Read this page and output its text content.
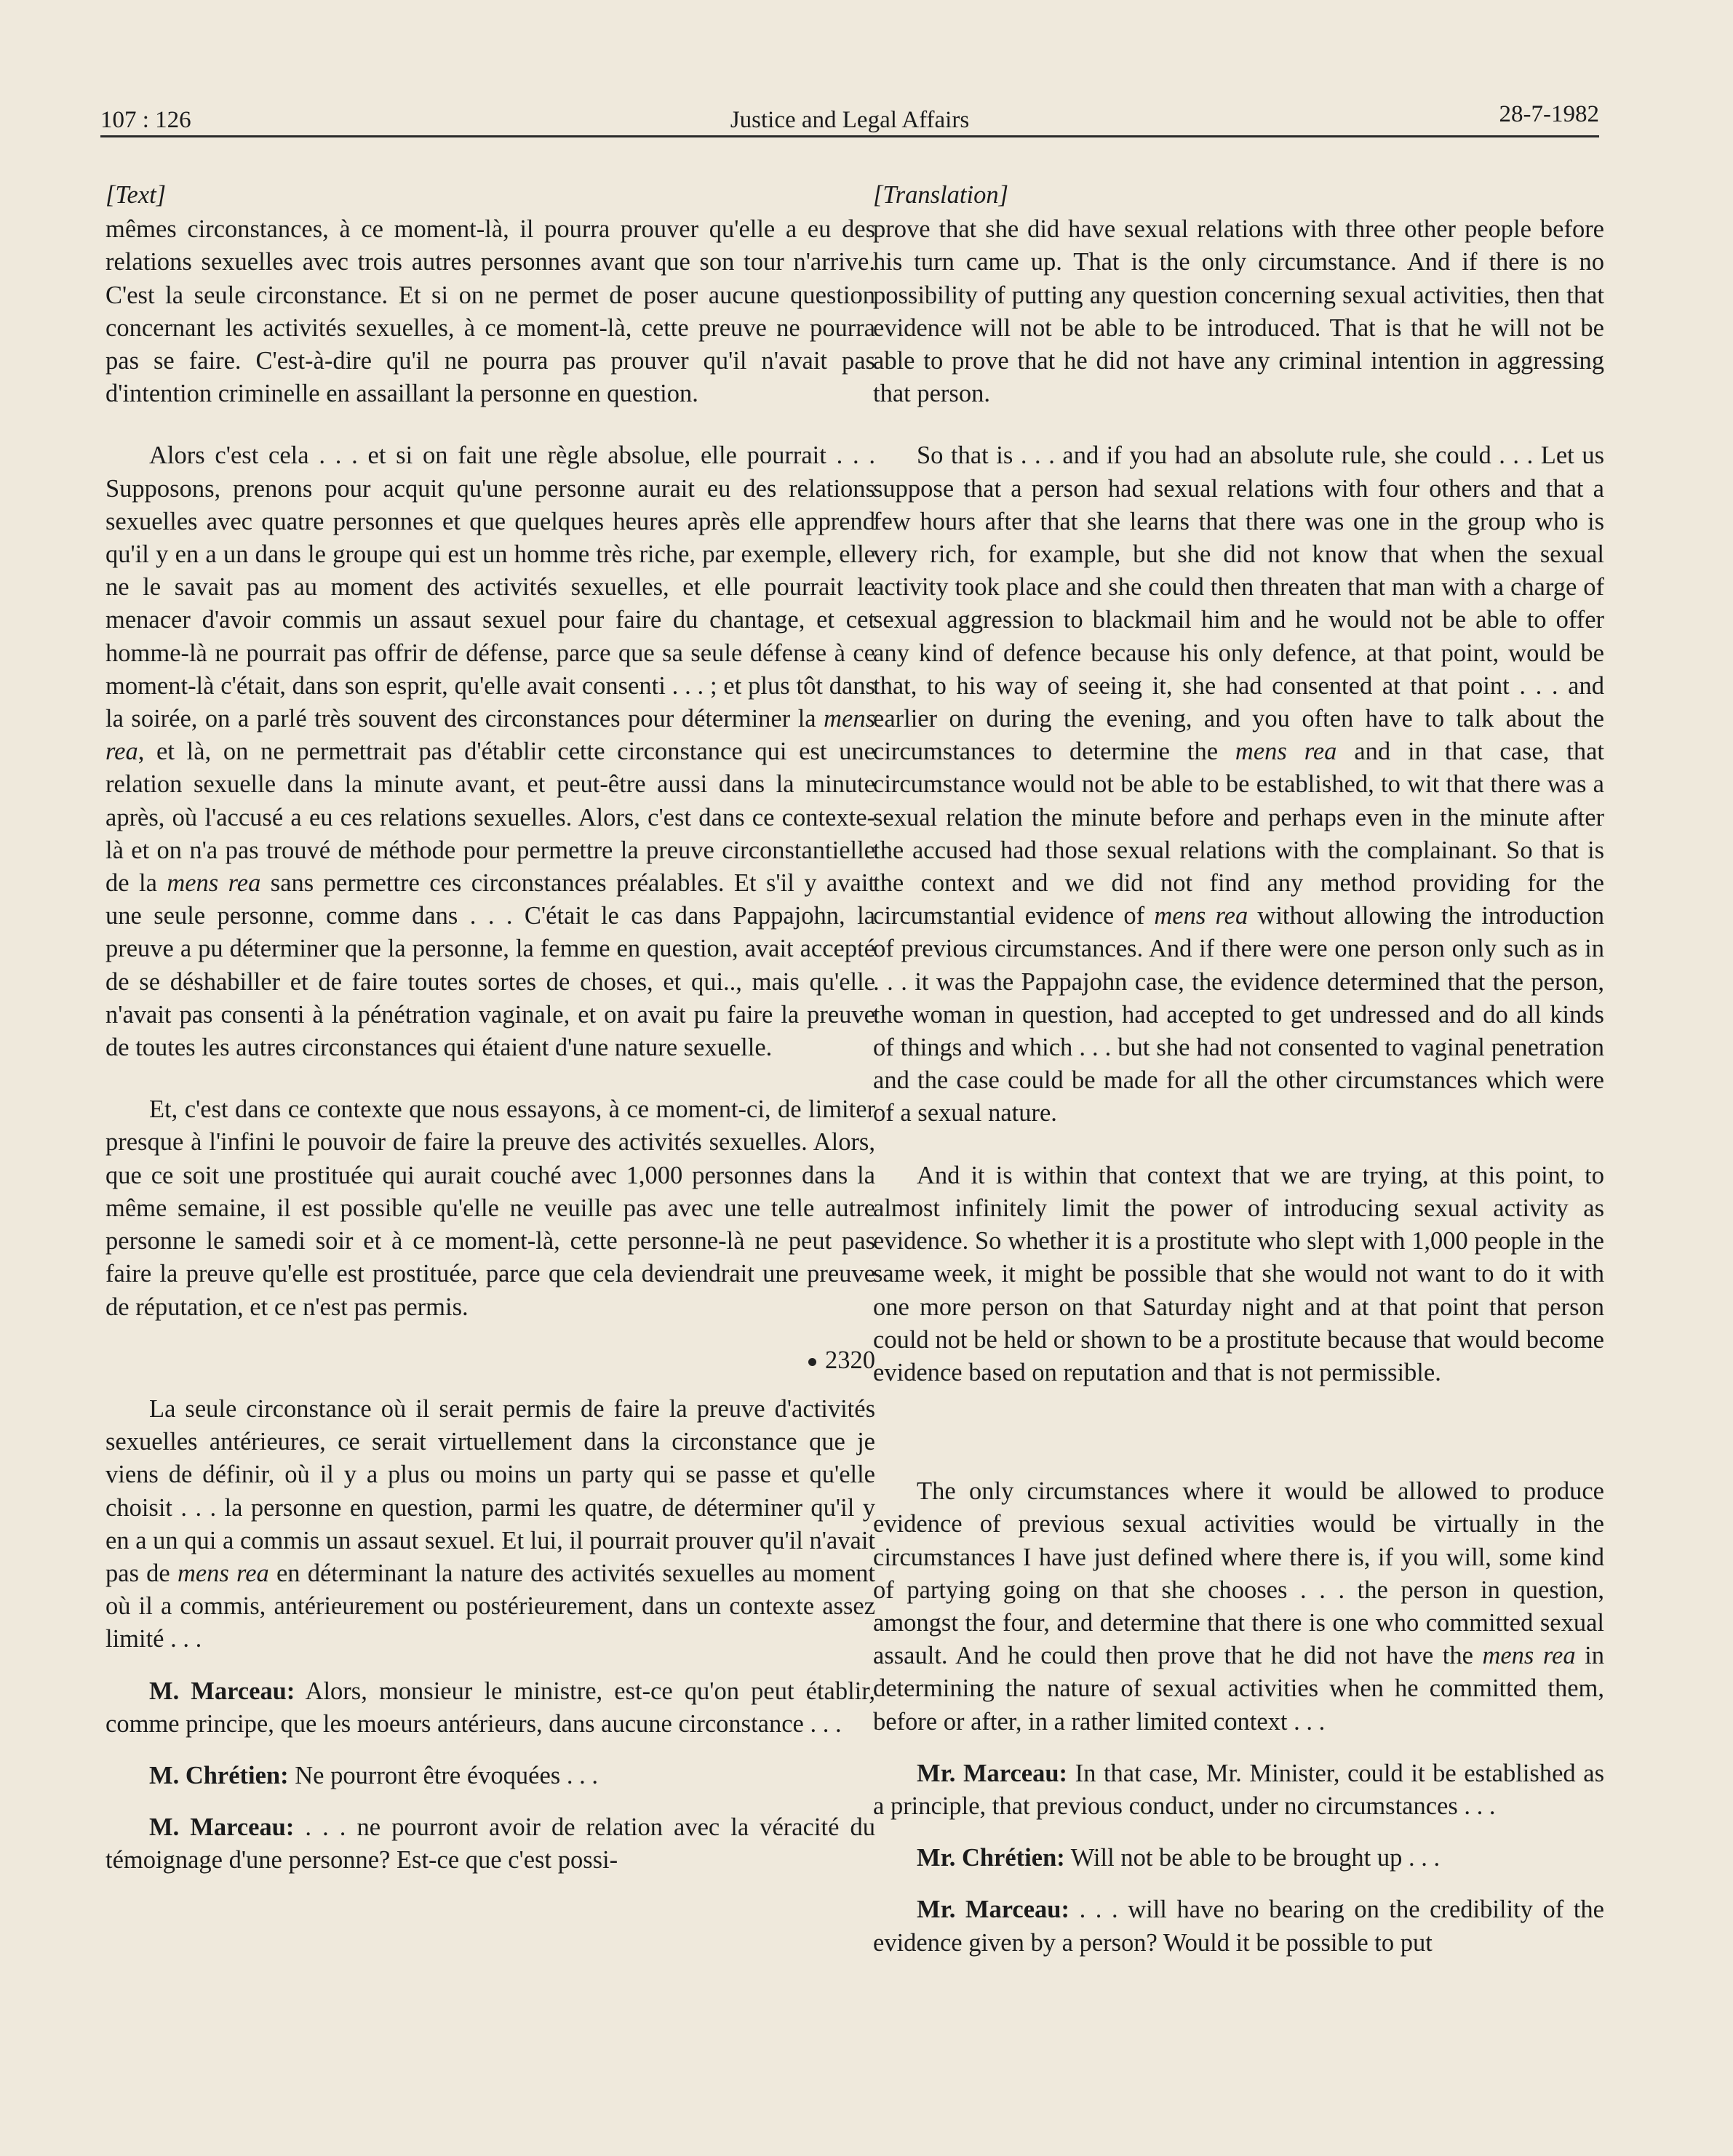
107 : 126	Justice and Legal Affairs	28-7-1982
[Text]

mêmes circonstances, à ce moment-là, il pourra prouver qu'elle a eu des relations sexuelles avec trois autres personnes avant que son tour n'arrive. C'est la seule circonstance. Et si on ne permet de poser aucune question concernant les activités sexuelles, à ce moment-là, cette preuve ne pourra pas se faire. C'est-à-dire qu'il ne pourra pas prouver qu'il n'avait pas d'intention criminelle en assaillant la personne en question.

Alors c'est cela . . . et si on fait une règle absolue, elle pourrait . . . Supposons, prenons pour acquit qu'une personne aurait eu des relations sexuelles avec quatre personnes et que quelques heures après elle apprend qu'il y en a un dans le groupe qui est un homme très riche, par exemple, elle ne le savait pas au moment des activités sexuelles, et elle pourrait le menacer d'avoir commis un assaut sexuel pour faire du chantage, et cet homme-là ne pourrait pas offrir de défense, parce que sa seule défense à ce moment-là c'était, dans son esprit, qu'elle avait consenti . . . ; et plus tôt dans la soirée, on a parlé très souvent des circonstances pour déterminer la mens rea, et là, on ne permettrait pas d'établir cette circonstance qui est une relation sexuelle dans la minute avant, et peut-être aussi dans la minute après, où l'accusé a eu ces relations sexuelles. Alors, c'est dans ce contexte-là et on n'a pas trouvé de méthode pour permettre la preuve circonstantielle de la mens rea sans permettre ces circonstances préalables. Et s'il y avait une seule personne, comme dans . . . C'était le cas dans Pappajohn, la preuve a pu déterminer que la personne, la femme en question, avait accepté de se déshabiller et de faire toutes sortes de choses, et qui.., mais qu'elle n'avait pas consenti à la pénétration vaginale, et on avait pu faire la preuve de toutes les autres circonstances qui étaient d'une nature sexuelle.

Et, c'est dans ce contexte que nous essayons, à ce moment-ci, de limiter presque à l'infini le pouvoir de faire la preuve des activités sexuelles. Alors, que ce soit une prostituée qui aurait couché avec 1,000 personnes dans la même semaine, il est possible qu'elle ne veuille pas avec une telle autre personne le samedi soir et à ce moment-là, cette personne-là ne peut pas faire la preuve qu'elle est prostituée, parce que cela deviendrait une preuve de réputation, et ce n'est pas permis.

2320

La seule circonstance où il serait permis de faire la preuve d'activités sexuelles antérieures, ce serait virtuellement dans la circonstance que je viens de définir, où il y a plus ou moins un party qui se passe et qu'elle choisit . . . la personne en question, parmi les quatre, de déterminer qu'il y en a un qui a commis un assaut sexuel. Et lui, il pourrait prouver qu'il n'avait pas de mens rea en déterminant la nature des activités sexuelles au moment où il a commis, antérieurement ou postérieurement, dans un contexte assez limité . . .

M. Marceau: Alors, monsieur le ministre, est-ce qu'on peut établir, comme principe, que les moeurs antérieurs, dans aucune circonstance . . .

M. Chrétien: Ne pourront être évoquées . . .

M. Marceau: . . . ne pourront avoir de relation avec la véracité du témoignage d'une personne? Est-ce que c'est possi-

[Translation]

prove that she did have sexual relations with three other people before his turn came up. That is the only circumstance. And if there is no possibility of putting any question concerning sexual activities, then that evidence will not be able to be introduced. That is that he will not be able to prove that he did not have any criminal intention in aggressing that person.

So that is . . . and if you had an absolute rule, she could . . . Let us suppose that a person had sexual relations with four others and that a few hours after that she learns that there was one in the group who is very rich, for example, but she did not know that when the sexual activity took place and she could then threaten that man with a charge of sexual aggression to blackmail him and he would not be able to offer any kind of defence because his only defence, at that point, would be that, to his way of seeing it, she had consented at that point . . . and earlier on during the evening, and you often have to talk about the circumstances to determine the mens rea and in that case, that circumstance would not be able to be established, to wit that there was a sexual relation the minute before and perhaps even in the minute after the accused had those sexual relations with the complainant. So that is the context and we did not find any method providing for the circumstantial evidence of mens rea without allowing the introduction of previous circumstances. And if there were one person only such as in . . . it was the Pappajohn case, the evidence determined that the person, the woman in question, had accepted to get undressed and do all kinds of things and which . . . but she had not consented to vaginal penetration and the case could be made for all the other circumstances which were of a sexual nature.

And it is within that context that we are trying, at this point, to almost infinitely limit the power of introducing sexual activity as evidence. So whether it is a prostitute who slept with 1,000 people in the same week, it might be possible that she would not want to do it with one more person on that Saturday night and at that point that person could not be held or shown to be a prostitute because that would become evidence based on reputation and that is not permissible.

The only circumstances where it would be allowed to produce evidence of previous sexual activities would be virtually in the circumstances I have just defined where there is, if you will, some kind of partying going on that she chooses . . . the person in question, amongst the four, and determine that there is one who committed sexual assault. And he could then prove that he did not have the mens rea in determining the nature of sexual activities when he committed them, before or after, in a rather limited context . . .

Mr. Marceau: In that case, Mr. Minister, could it be established as a principle, that previous conduct, under no circumstances . . .

Mr. Chrétien: Will not be able to be brought up . . .

Mr. Marceau: . . . will have no bearing on the credibility of the evidence given by a person? Would it be possible to put
